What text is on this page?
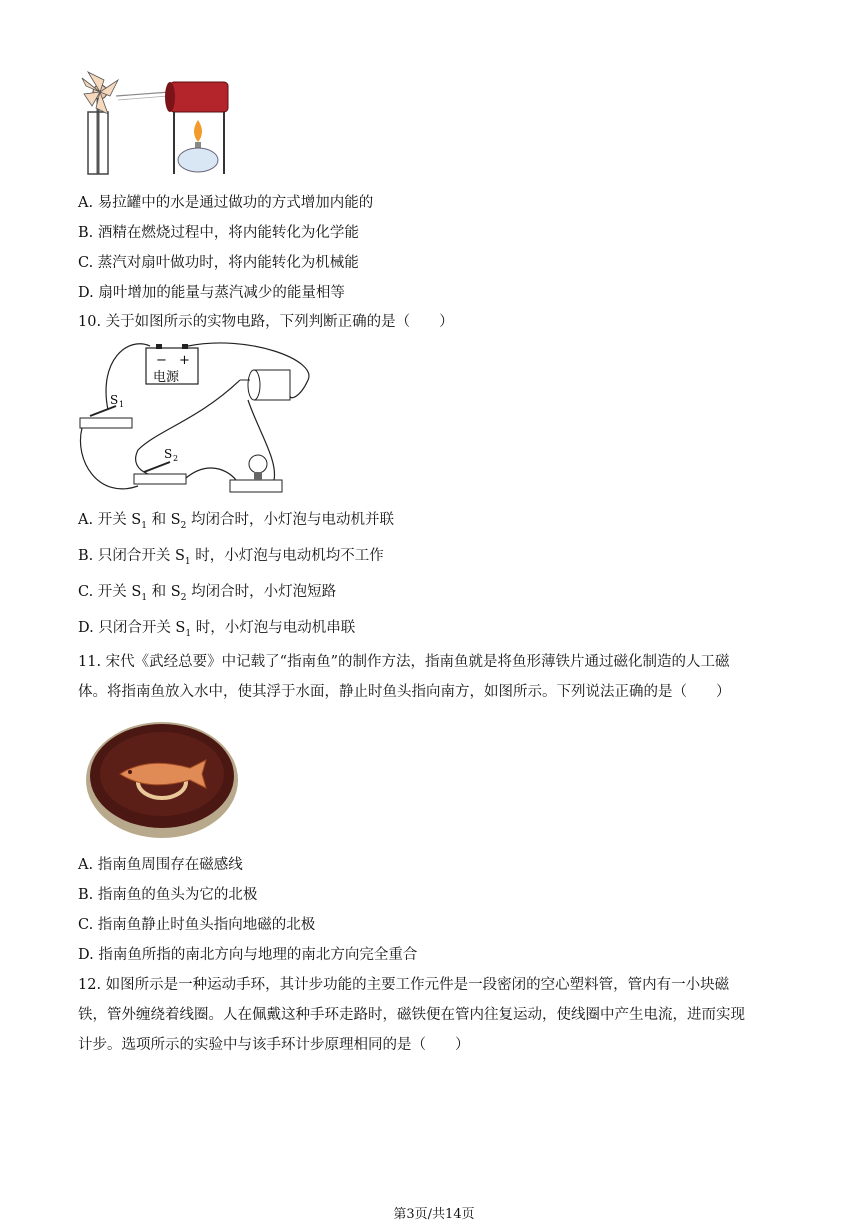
A. 易拉罐中的水是通过做功的方式增加内能的
B. 酒精在燃烧过程中，将内能转化为化学能
C. 蒸汽对扇叶做功时，将内能转化为机械能
D. 扇叶增加的能量与蒸汽减少的能量相等
10. 关于如图所示的实物电路，下列判断正确的是（　　）
− +
电源
S 1
S 2
A. 开关 $S_1$ 和 $S_2$ 均闭合时，小灯泡与电动机并联
B. 只闭合开关 $S_1$ 时，小灯泡与电动机均不工作
C. 开关 $S_1$ 和 $S_2$ 均闭合时，小灯泡短路
D. 只闭合开关 $S_1$ 时，小灯泡与电动机串联
11. 宋代《武经总要》中记载了“指南鱼”的制作方法，指南鱼就是将鱼形薄铁片通过磁化制造的人工磁
体。将指南鱼放入水中，使其浮于水面，静止时鱼头指向南方，如图所示。下列说法正确的是（　　）
A. 指南鱼周围存在磁感线
B. 指南鱼的鱼头为它的北极
C. 指南鱼静止时鱼头指向地磁的北极
D. 指南鱼所指的南北方向与地理的南北方向完全重合
12. 如图所示是一种运动手环，其计步功能的主要工作元件是一段密闭的空心塑料管，管内有一小块磁
铁，管外缠绕着线圈。人在佩戴这种手环走路时，磁铁便在管内往复运动，使线圈中产生电流，进而实现
计步。选项所示的实验中与该手环计步原理相同的是（　　）
第3页/共14页
